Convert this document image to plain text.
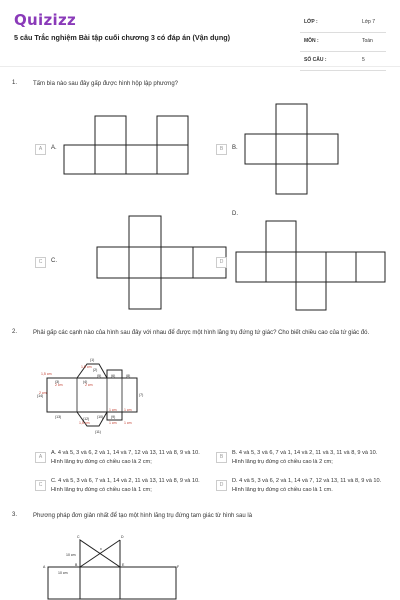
Quizizz
5 câu Trắc nghiệm Bài tập cuối chương 3 có đáp án (Vận dụng)
LỚP :	Lớp 7
MÔN :	Toán
SỐ CÂU :	5
1.	Tấm bìa nào sau đây gấp được hình hộp lập phương?
A	A.	B	B.
D.
C	C.	D
2.	Phải gấp các cạnh nào của hình sau đây với nhau để được một hình lăng trụ đứng tứ giác? Cho biết chiều cao của tứ giác đó.
(1)
(2)
(3)	(4)
(5)	(6)
(7)
(8)
(9)
(10)
(11)
(12)
(13)
(14)
1,5 cm
1,5 cm
2 cm
2 cm
2 cm
1 cm 1 cm
1,5 cm	1 cm 1 cm
A
A. 4 và 5, 3 và 6, 2 và 1, 14 và 7, 12 và 13, 11 và 8, 9 và 10. Hình lăng trụ đứng có chiều cao là 2 cm;
B
B. 4 và 5, 3 và 6, 7 và 1, 14 và 2, 11 và 3, 11 và 8, 9 và 10. Hình lăng trụ đứng có chiều cao là 2 cm;
C
C. 4 và 5, 3 và 6, 7 và 1, 14 và 2, 11 và 13, 11 và 8, 9 và 10. Hình lăng trụ đứng có chiều cao là 1 cm;
D
D. 4 và 5, 3 và 6, 2 và 1, 14 và 7, 12 và 13, 11 và 8, 9 và 10. Hình lăng trụ đứng có chiều cao là 1 cm.
3.	Phương pháp đơn giản nhất để tạo một hình lăng trụ đứng tam giác từ hình sau là
C	D
A	B	E	F
10 cm
10 cm
x
